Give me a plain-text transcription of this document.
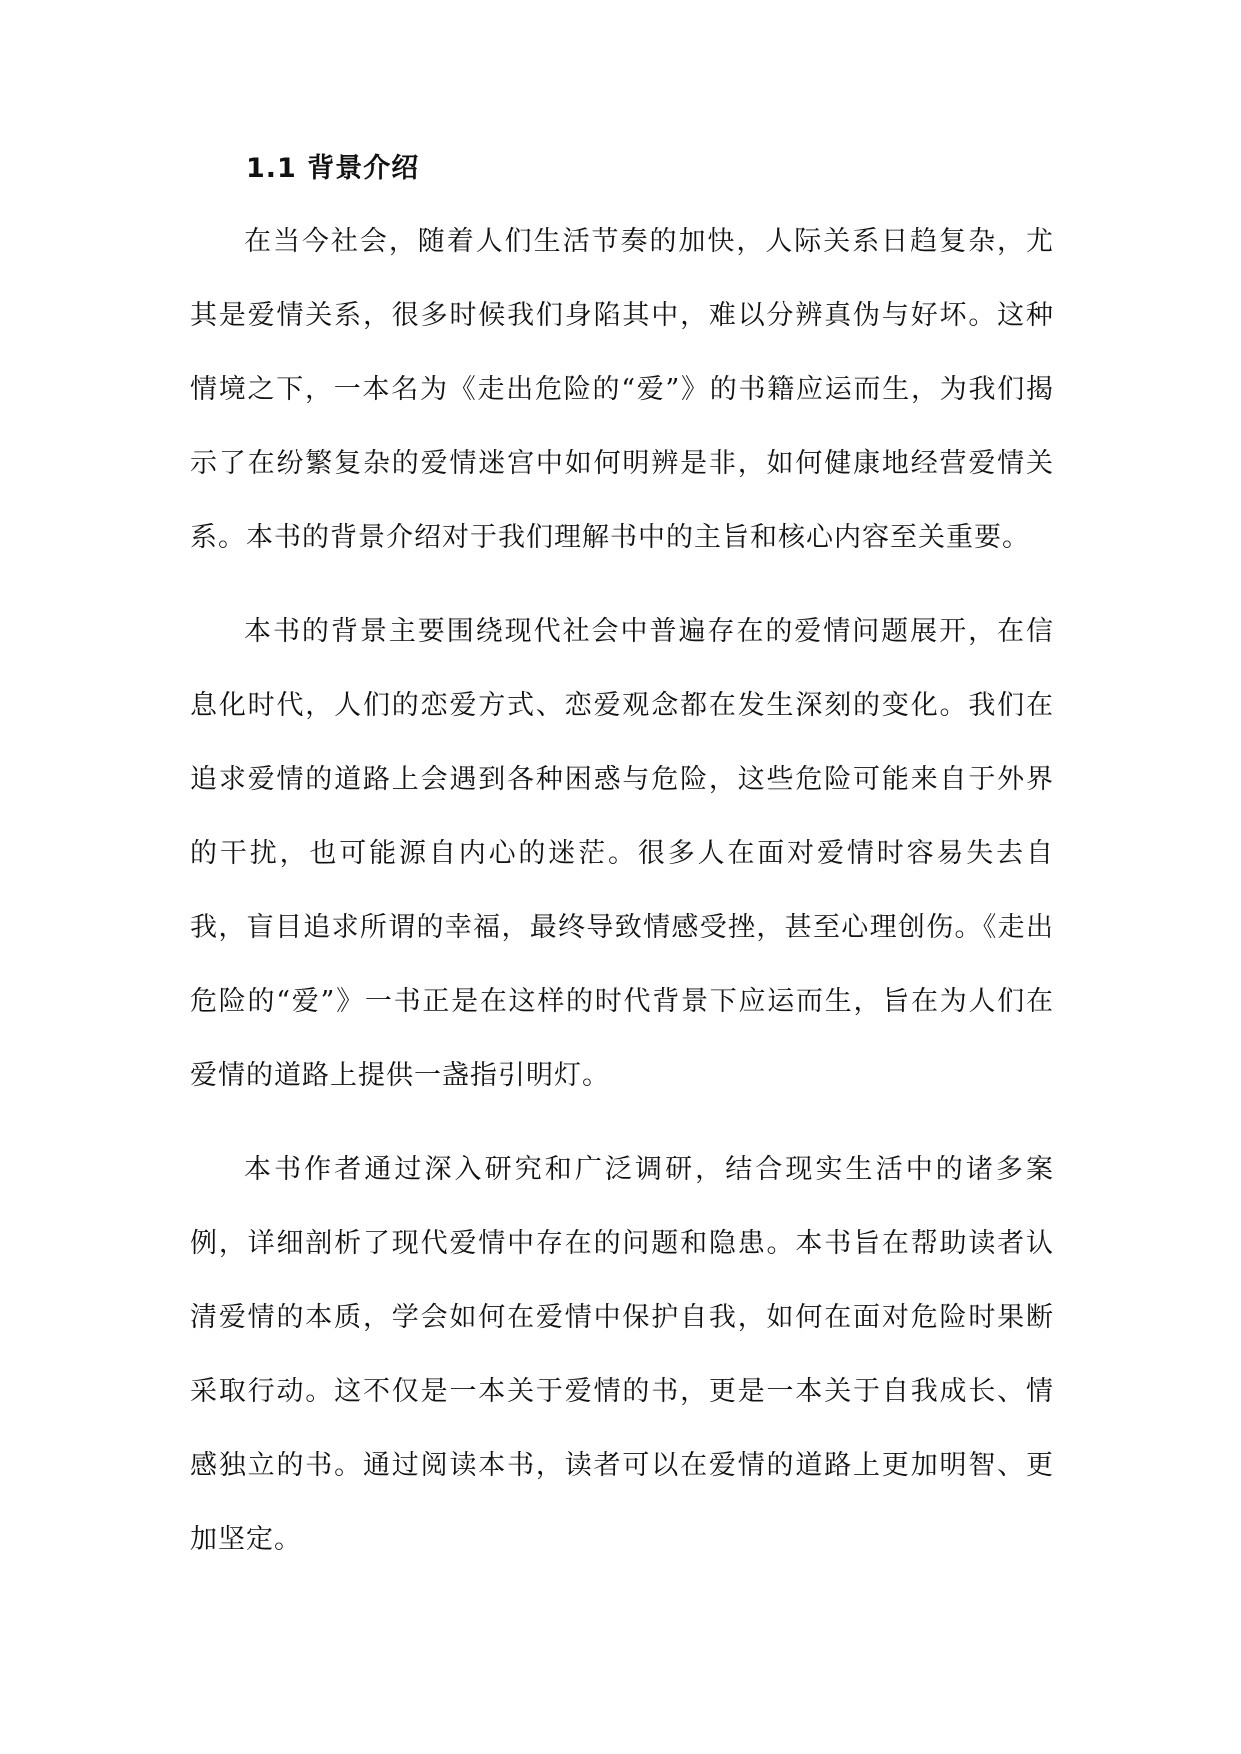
1.1 背景介绍

在当今社会，随着人们生活节奏的加快，人际关系日趋复杂，尤其是爱情关系，很多时候我们身陷其中，难以分辨真伪与好坏。这种情境之下，一本名为《走出危险的“爱”》的书籍应运而生，为我们揭示了在纷繁复杂的爱情迷宫中如何明辨是非，如何健康地经营爱情关系。本书的背景介绍对于我们理解书中的主旨和核心内容至关重要。

本书的背景主要围绕现代社会中普遍存在的爱情问题展开，在信息化时代，人们的恋爱方式、恋爱观念都在发生深刻的变化。我们在追求爱情的道路上会遇到各种困惑与危险，这些危险可能来自于外界的干扰，也可能源自内心的迷茫。很多人在面对爱情时容易失去自我，盲目追求所谓的幸福，最终导致情感受挫，甚至心理创伤。《走出危险的“爱”》一书正是在这样的时代背景下应运而生，旨在为人们在爱情的道路上提供一盏指引明灯。

本书作者通过深入研究和广泛调研，结合现实生活中的诸多案例，详细剖析了现代爱情中存在的问题和隐患。本书旨在帮助读者认清爱情的本质，学会如何在爱情中保护自我，如何在面对危险时果断采取行动。这不仅是一本关于爱情的书，更是一本关于自我成长、情感独立的书。通过阅读本书，读者可以在爱情的道路上更加明智、更加坚定。
